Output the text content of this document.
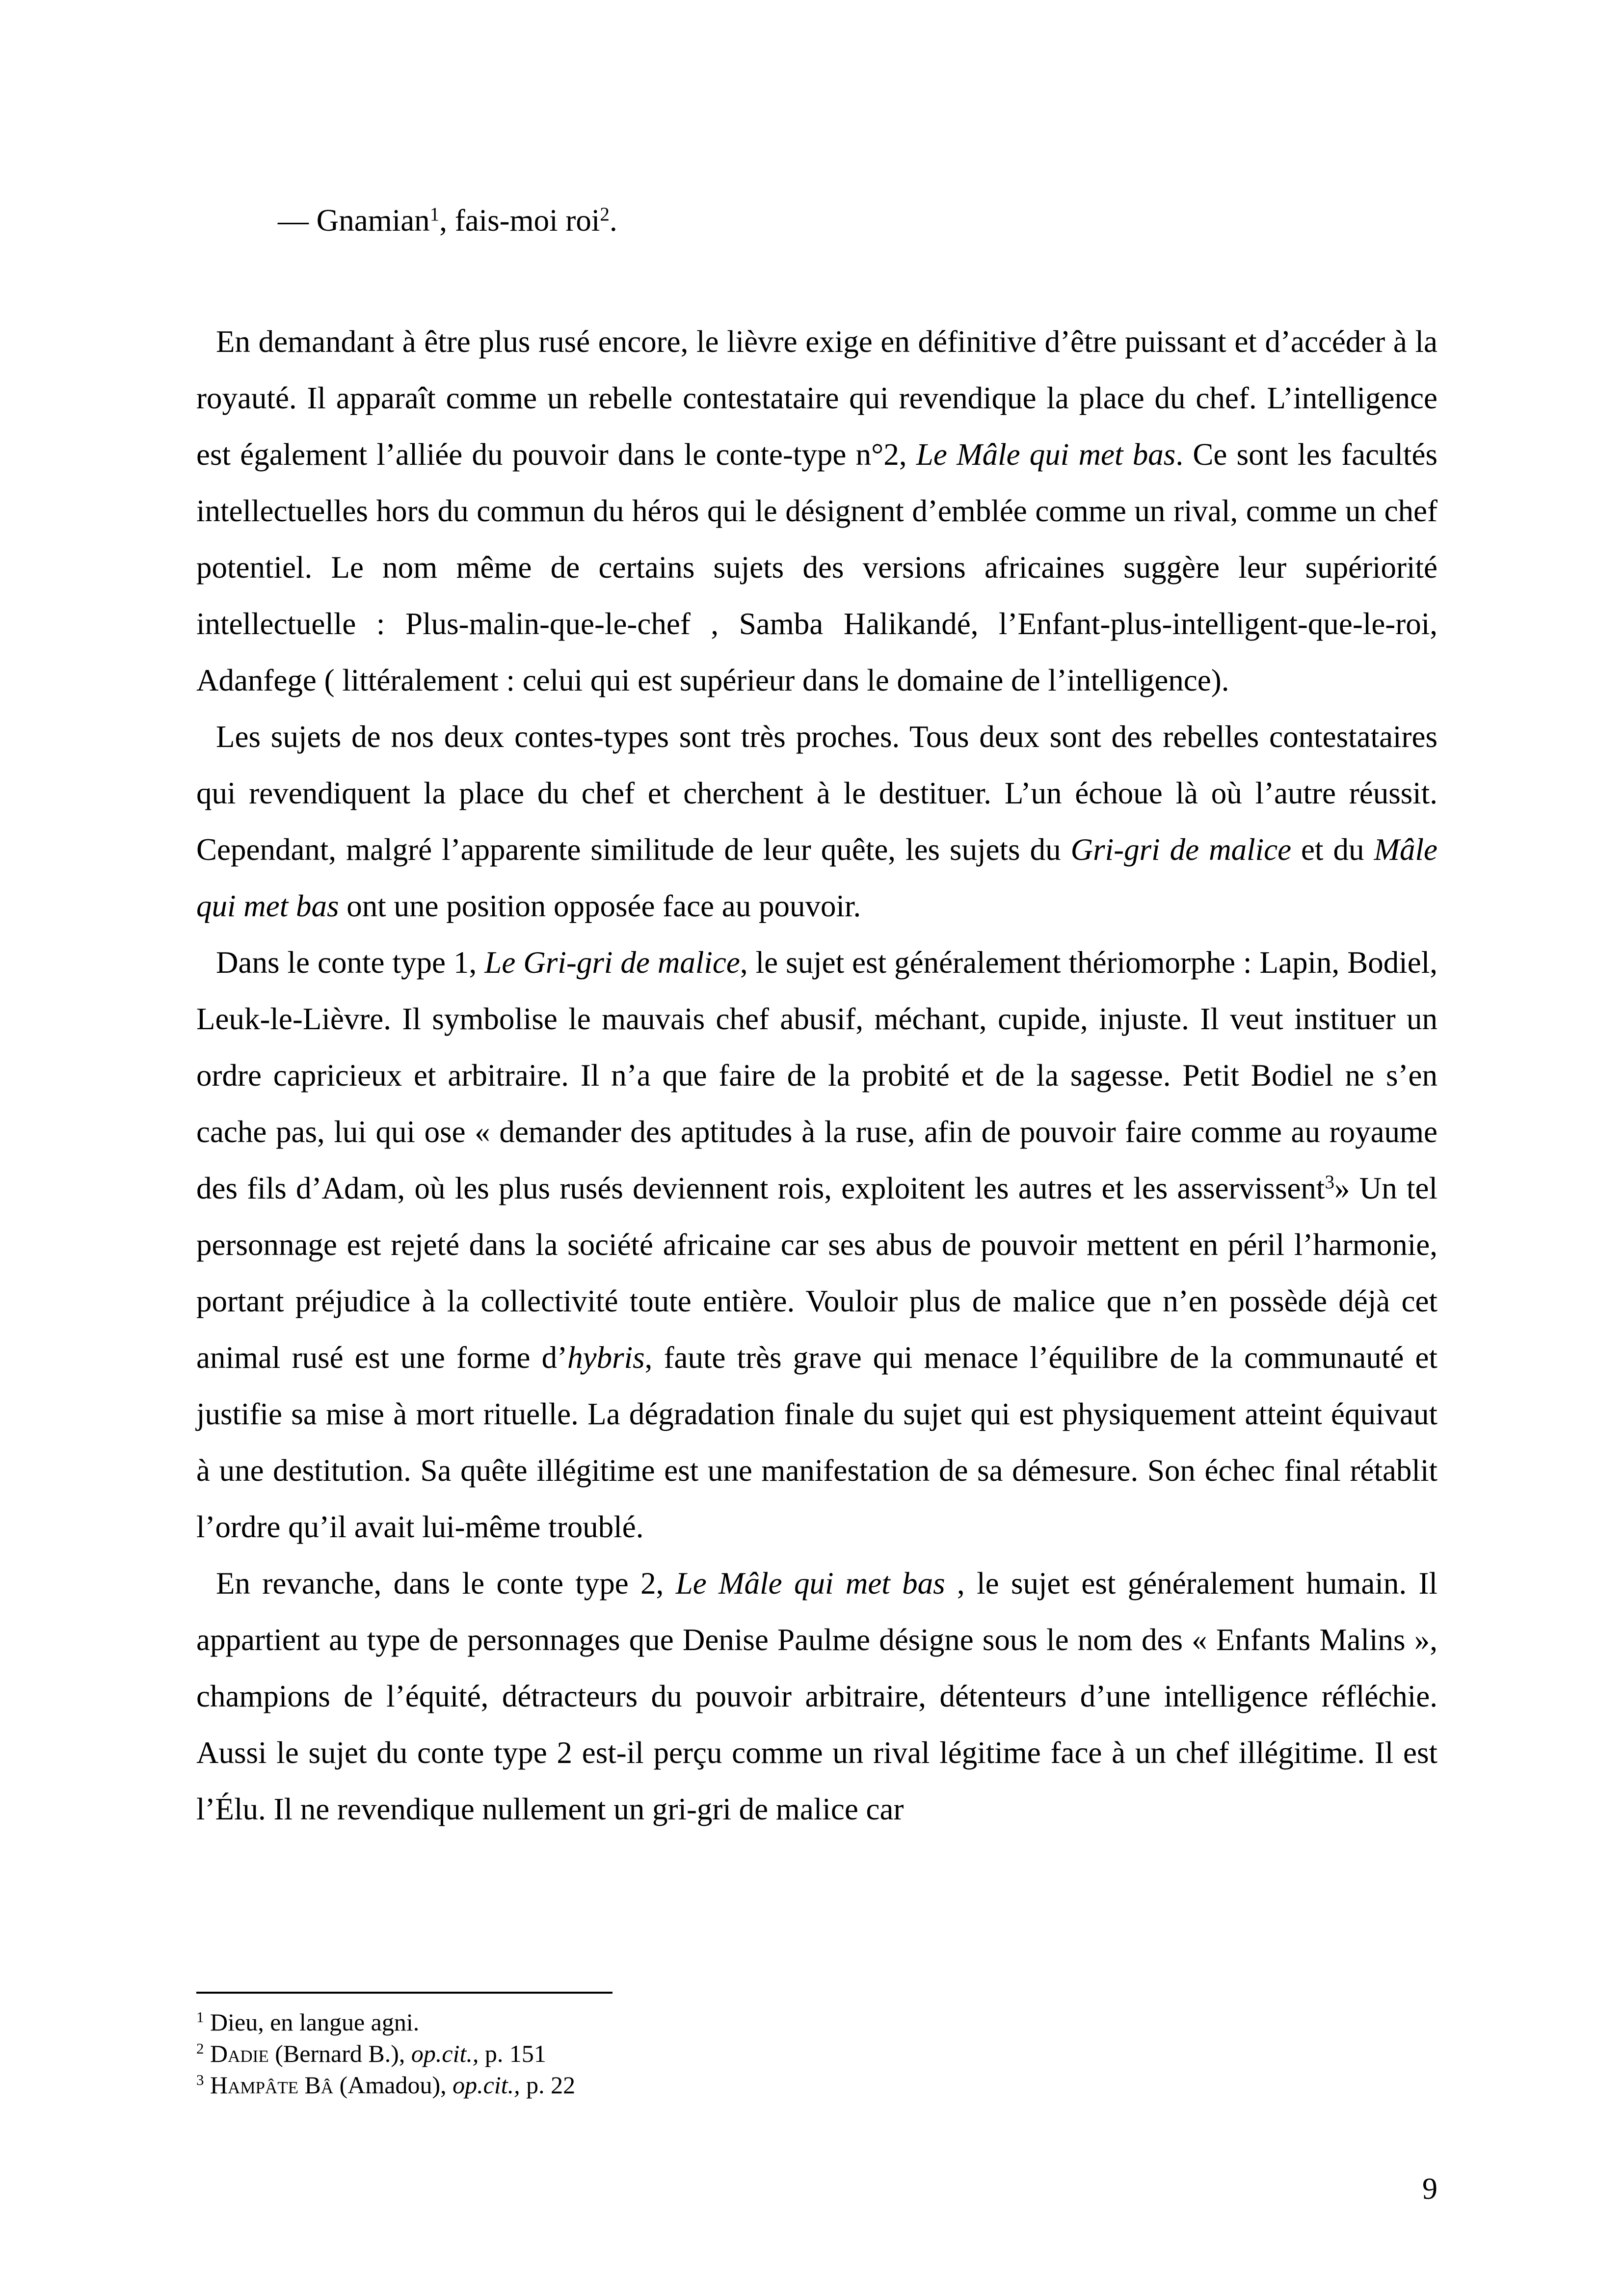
— Gnamian$^1$, fais-moi roi$^2$.

En demandant à être plus rusé encore, le lièvre exige en définitive d’être puissant et d’accéder à la royauté. Il apparaît comme un rebelle contestataire qui revendique la place du chef. L’intelligence est également l’alliée du pouvoir dans le conte-type n°2, Le Mâle qui met bas. Ce sont les facultés intellectuelles hors du commun du héros qui le désignent d’emblée comme un rival, comme un chef potentiel. Le nom même de certains sujets des versions africaines suggère leur supériorité intellectuelle : Plus-malin-que-le-chef , Samba Halikandé, l’Enfant-plus-intelligent-que-le-roi, Adanfege ( littéralement : celui qui est supérieur dans le domaine de l’intelligence).

Les sujets de nos deux contes-types sont très proches. Tous deux sont des rebelles contestataires qui revendiquent la place du chef et cherchent à le destituer. L’un échoue là où l’autre réussit. Cependant, malgré l’apparente similitude de leur quête, les sujets du Gri-gri de malice et du Mâle qui met bas ont une position opposée face au pouvoir.

Dans le conte type 1, Le Gri-gri de malice, le sujet est généralement thériomorphe : Lapin, Bodiel, Leuk-le-Lièvre. Il symbolise le mauvais chef abusif, méchant, cupide, injuste. Il veut instituer un ordre capricieux et arbitraire. Il n’a que faire de la probité et de la sagesse. Petit Bodiel ne s’en cache pas, lui qui ose « demander des aptitudes à la ruse, afin de pouvoir faire comme au royaume des fils d’Adam, où les plus rusés deviennent rois, exploitent les autres et les asservissent$^3$» Un tel personnage est rejeté dans la société africaine car ses abus de pouvoir mettent en péril l’harmonie, portant préjudice à la collectivité toute entière. Vouloir plus de malice que n’en possède déjà cet animal rusé est une forme d’hybris, faute très grave qui menace l’équilibre de la communauté et justifie sa mise à mort rituelle. La dégradation finale du sujet qui est physiquement atteint équivaut à une destitution. Sa quête illégitime est une manifestation de sa démesure. Son échec final rétablit l’ordre qu’il avait lui-même troublé.

En revanche, dans le conte type 2, Le Mâle qui met bas , le sujet est généralement humain. Il appartient au type de personnages que Denise Paulme désigne sous le nom des « Enfants Malins », champions de l’équité, détracteurs du pouvoir arbitraire, détenteurs d’une intelligence réfléchie. Aussi le sujet du conte type 2 est-il perçu comme un rival légitime face à un chef illégitime. Il est l’Élu. Il ne revendique nullement un gri-gri de malice car

$^1$ Dieu, en langue agni.
$^2$ Dadie (Bernard B.), op.cit., p. 151
$^3$ Hampâte Bâ (Amadou), op.cit., p. 22
9
